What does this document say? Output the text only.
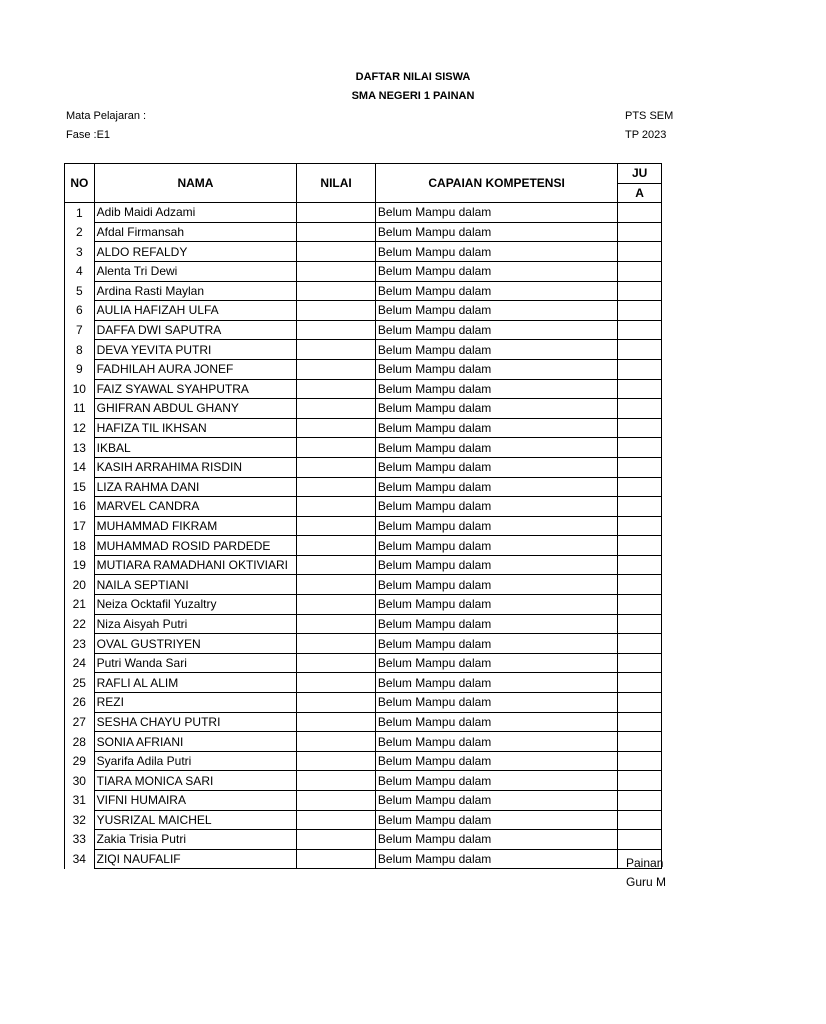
DAFTAR NILAI SISWA
SMA NEGERI 1 PAINAN
Mata Pelajaran :
Fase :E1
PTS SEM
TP 2023
NO	NAMA	NILAI	CAPAIAN KOMPETENSI	JU
				A
1	Adib Maidi Adzami		Belum Mampu dalam	
2	Afdal Firmansah		Belum Mampu dalam	
3	ALDO REFALDY		Belum Mampu dalam	
4	Alenta Tri Dewi		Belum Mampu dalam	
5	Ardina Rasti Maylan		Belum Mampu dalam	
6	AULIA HAFIZAH ULFA		Belum Mampu dalam	
7	DAFFA DWI SAPUTRA		Belum Mampu dalam	
8	DEVA YEVITA PUTRI		Belum Mampu dalam	
9	FADHILAH AURA JONEF		Belum Mampu dalam	
10	FAIZ SYAWAL SYAHPUTRA		Belum Mampu dalam	
11	GHIFRAN ABDUL GHANY		Belum Mampu dalam	
12	HAFIZA TIL IKHSAN		Belum Mampu dalam	
13	IKBAL		Belum Mampu dalam	
14	KASIH ARRAHIMA RISDIN		Belum Mampu dalam	
15	LIZA RAHMA DANI		Belum Mampu dalam	
16	MARVEL CANDRA		Belum Mampu dalam	
17	MUHAMMAD FIKRAM		Belum Mampu dalam	
18	MUHAMMAD ROSID PARDEDE		Belum Mampu dalam	
19	MUTIARA RAMADHANI OKTIVIARI		Belum Mampu dalam	
20	NAILA SEPTIANI		Belum Mampu dalam	
21	Neiza Ocktafil Yuzaltry		Belum Mampu dalam	
22	Niza Aisyah Putri		Belum Mampu dalam	
23	OVAL GUSTRIYEN		Belum Mampu dalam	
24	Putri Wanda Sari		Belum Mampu dalam	
25	RAFLI AL ALIM		Belum Mampu dalam	
26	REZI		Belum Mampu dalam	
27	SESHA CHAYU PUTRI		Belum Mampu dalam	
28	SONIA AFRIANI		Belum Mampu dalam	
29	Syarifa Adila Putri		Belum Mampu dalam	
30	TIARA MONICA SARI		Belum Mampu dalam	
31	VIFNI HUMAIRA		Belum Mampu dalam	
32	YUSRIZAL MAICHEL		Belum Mampu dalam	
33	Zakia Trisia Putri		Belum Mampu dalam	
34	ZIQI NAUFALIF		Belum Mampu dalam		Painan
Guru M
